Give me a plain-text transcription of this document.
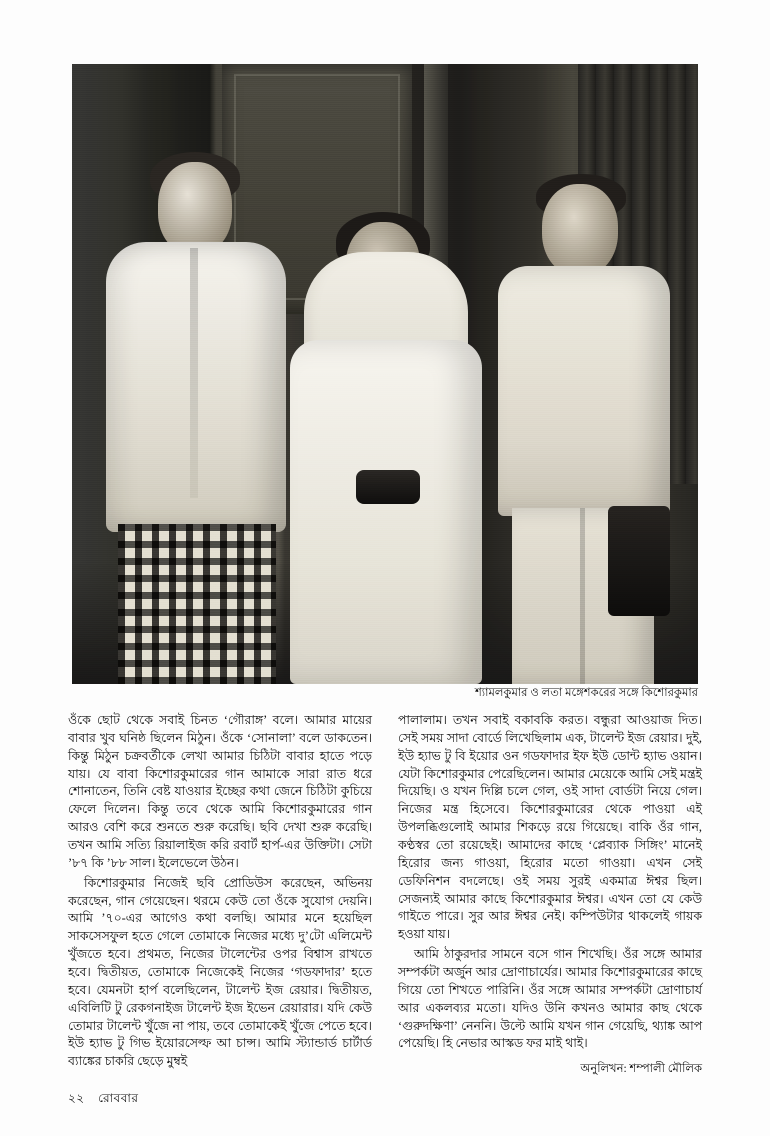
শ্যামলকুমার ও লতা মঙ্গেশকরের সঙ্গে কিশোরকুমার

ওঁকে ছোট থেকে সবাই চিনত ‘গৌরাঙ্গ’ বলে। আমার মায়ের বাবার খুব ঘনিষ্ঠ ছিলেন মিঠুন। ওঁকে ‘সোনালা’ বলে ডাকতেন। কিন্তু মিঠুন চক্রবর্তীকে লেখা আমার চিঠিটা বাবার হাতে পড়ে যায়। যে বাবা কিশোরকুমারের গান আমাকে সারা রাত ধরে শোনাতেন, তিনি বেষ্ট যাওয়ার ইচ্ছের কথা জেনে চিঠিটা কুচিয়ে ফেলে দিলেন। কিন্তু তবে থেকে আমি কিশোরকুমারের গান আরও বেশি করে শুনতে শুরু করেছি। ছবি দেখা শুরু করেছি। তখন আমি সত্যি রিয়ালাইজ করি রবার্ট হার্প-এর উক্তিটা। সেটা ’৮৭ কি ’৮৮ সাল। ইলেভেলে উঠন।

কিশোরকুমার নিজেই ছবি প্রোডিউস করেছেন, অভিনয় করেছেন, গান গেয়েছেন। থরমে কেউ তো ওঁকে সুযোগ দেয়নি। আমি ’৭০-এর আগেও কথা বলছি। আমার মনে হয়েছিল সাকসেসফুল হতে গেলে তোমাকে নিজের মধ্যে দু’টো এলিমেন্ট খুঁজতে হবে। প্রথমত, নিজের টালেন্টের ওপর বিশ্বাস রাখতে হবে। দ্বিতীয়ত, তোমাকে নিজেকেই নিজের ‘গডফাদার’ হতে হবে। যেমনটা হার্প বলেছিলেন, টালেন্ট ইজ রেয়ার। দ্বিতীয়ত, এবিলিটি টু রেকগনাইজ টালেন্ট ইজ ইভেন রেয়ারার। যদি কেউ তোমার টালেন্ট খুঁজে না পায়, তবে তোমাকেই খুঁজে পেতে হবে। ইউ হ্যাভ টু গিভ ইয়োরসেল্ফ আ চান্স। আমি স্ট্যান্ডার্ড চার্টার্ড ব্যাঙ্কের চাকরি ছেড়ে মুম্বই

পালালাম। তখন সবাই বকাবকি করত। বন্ধুরা আওয়াজ দিত। সেই সময় সাদা বোর্ডে লিখেছিলাম এক, টালেন্ট ইজ রেয়ার। দুই, ইউ হ্যাভ টু বি ইয়োর ওন গডফাদার ইফ ইউ ডোন্ট হ্যাভ ওয়ান। যেটা কিশোরকুমার পেরেছিলেন। আমার মেয়েকে আমি সেই মন্ত্রই দিয়েছি। ও যখন দিল্লি চলে গেল, ওই সাদা বোর্ডটা নিয়ে গেল। নিজের মন্ত্র হিসেবে। কিশোরকুমারের থেকে পাওয়া এই উপলব্ধিগুলোই আমার শিকড়ে রয়ে গিয়েছে। বাকি ওঁর গান, কণ্ঠস্বর তো রয়েছেই। আমাদের কাছে ‘প্লেব্যাক সিঙ্গিং’ মানেই হিরোর জন্য গাওয়া, হিরোর মতো গাওয়া। এখন সেই ডেফিনিশন বদলেছে। ওই সময় সুরই একমাত্র ঈশ্বর ছিল। সেজন্যই আমার কাছে কিশোরকুমার ঈশ্বর। এখন তো যে কেউ গাইতে পারে। সুর আর ঈশ্বর নেই। কম্পিউটার থাকলেই গায়ক হওয়া যায়।

আমি ঠাকুরদার সামনে বসে গান শিখেছি। ওঁর সঙ্গে আমার সম্পর্কটা অর্জুন আর দ্রোণাচার্যের। আমার কিশোরকুমারের কাছে গিয়ে তো শিখতে পারিনি। ওঁর সঙ্গে আমার সম্পর্কটা দ্রোণাচার্য আর একলব্যর মতো। যদিও উনি কখনও আমার কাছ থেকে ‘গুরুদক্ষিণা’ নেননি। উল্টে আমি যখন গান গেয়েছি, থ্যাঙ্ক আপ পেয়েছি। হি নেভার আস্কড ফর মাই থাই।

অনুলিখন: শম্পালী মৌলিক
২২ রোববার
